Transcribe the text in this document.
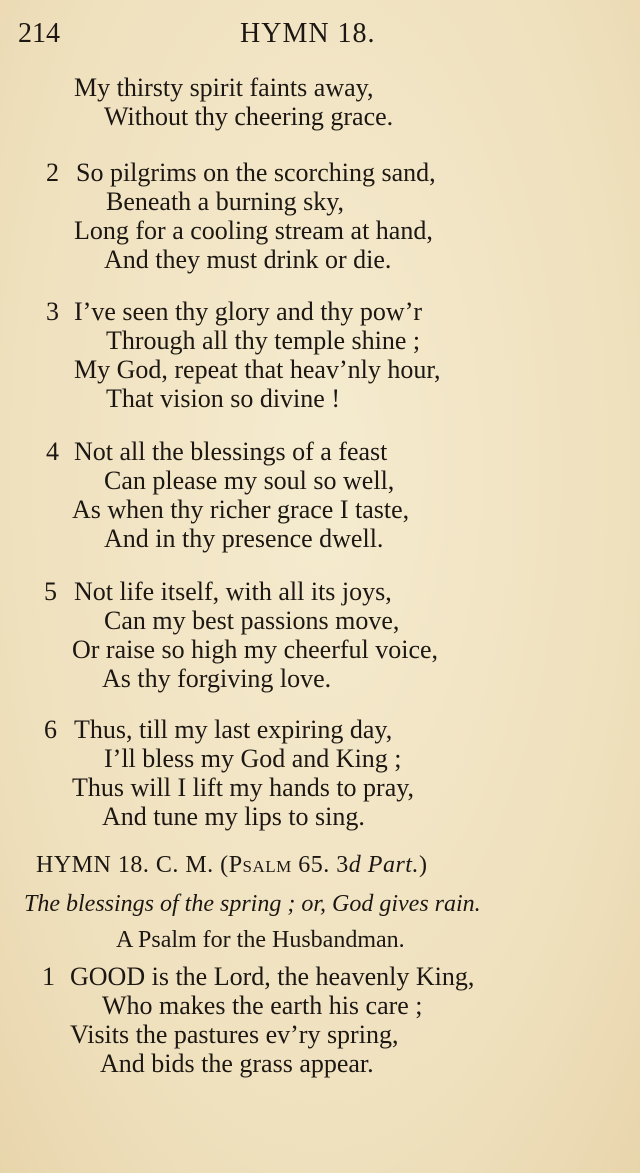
214	HYMN 18.
My thirsty spirit faints away,
Without thy cheering grace.
2 So pilgrims on the scorching sand,
Beneath a burning sky,
Long for a cooling stream at hand,
And they must drink or die.
3 I’ve seen thy glory and thy pow’r
Through all thy temple shine ;
My God, repeat that heav’nly hour,
That vision so divine !
4 Not all the blessings of a feast
Can please my soul so well,
As when thy richer grace I taste,
And in thy presence dwell.
5 Not life itself, with all its joys,
Can my best passions move,
Or raise so high my cheerful voice,
As thy forgiving love.
6 Thus, till my last expiring day,
I’ll bless my God and King ;
Thus will I lift my hands to pray,
And tune my lips to sing.
HYMN 18. C. M. (Psalm 65. 3d Part.)
The blessings of the spring ; or, God gives rain.
A Psalm for the Husbandman.
1 GOOD is the Lord, the heavenly King,
Who makes the earth his care ;
Visits the pastures ev’ry spring,
And bids the grass appear.
